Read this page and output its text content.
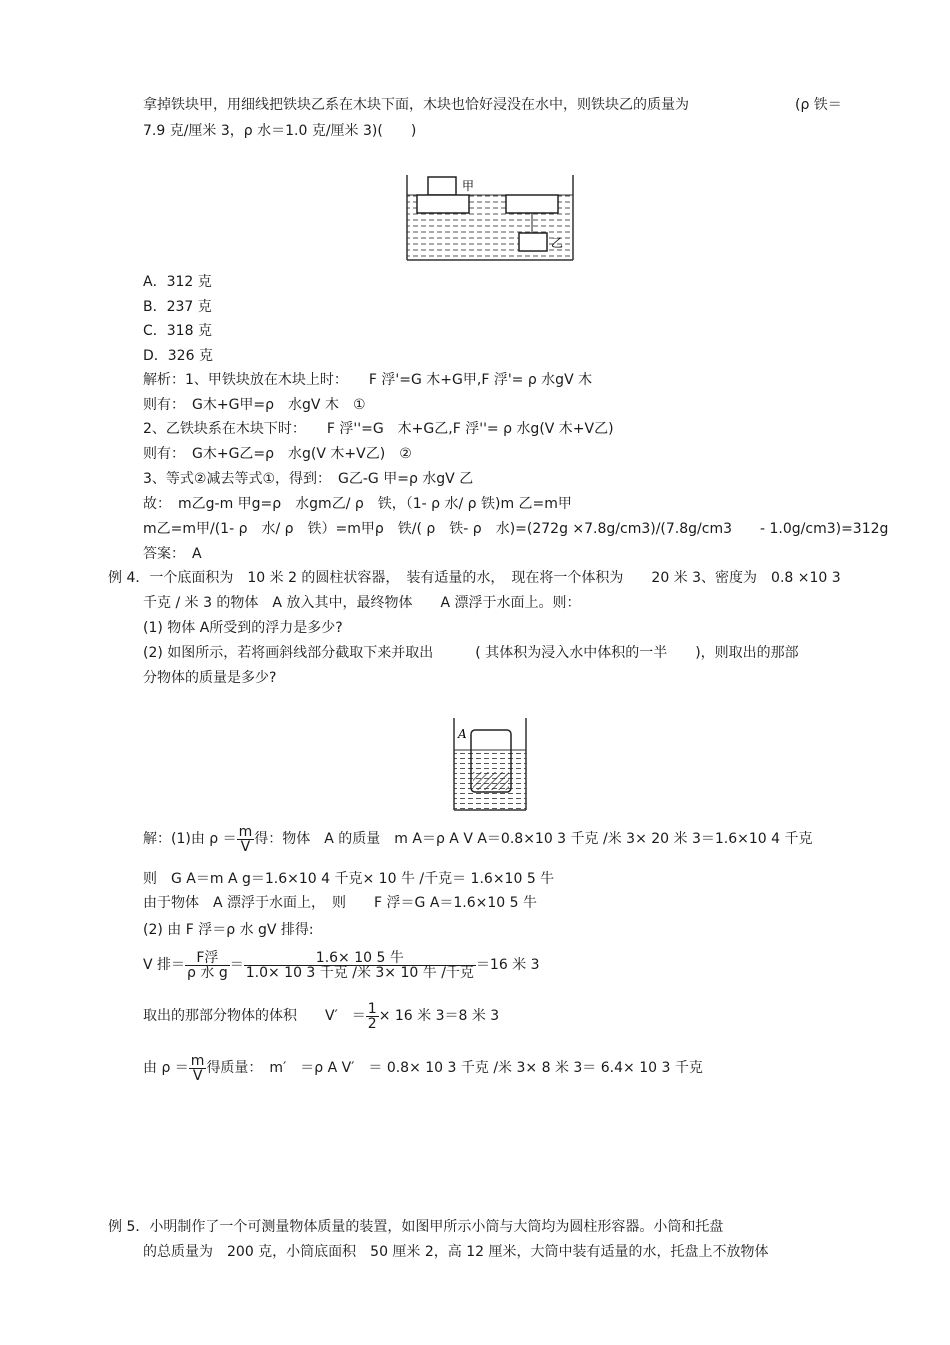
拿掉铁块甲，用细线把铁块乙系在木块下面，木块也恰好浸没在水中，则铁块乙的质量为	(ρ 铁＝
7.9 克/厘米 3，ρ 水＝1.0 克/厘米 3)(　　)
甲
乙
A．312 克
B．237 克
C．318 克
D．326 克
解析：1、甲铁块放在木块上时：　　F 浮'=G 木+G甲,F 浮'= ρ 水gV 木
则有：　G木+G甲=ρ　水gV 木　①
2、乙铁块系在木块下时：　　F 浮''=G　木+G乙,F 浮''= ρ 水g(V 木+V乙)
则有：　G木+G乙=ρ　水g(V 木+V乙)　②
3、等式②减去等式①，得到：　G乙-G 甲=ρ 水gV 乙
故：　m乙g-m 甲g=ρ　水gm乙/ ρ　铁，（1- ρ 水/ ρ 铁)m 乙=m甲
m乙=m甲/(1- ρ　水/ ρ　铁）=m甲ρ　铁/( ρ　铁- ρ　水)=(272g ×7.8g/cm3)/(7.8g/cm3　　- 1.0g/cm3)=312g
答案：　A
例 4．一个底面积为　10 米 2 的圆柱状容器，　装有适量的水，　现在将一个体积为　　20 米 3、密度为　0.8 ×10 3
千克 / 米 3 的物体　A 放入其中，最终物体　　A 漂浮于水面上。则：
(1) 物体 A所受到的浮力是多少?
(2) 如图所示，若将画斜线部分截取下来并取出　　　( 其体积为浸入水中体积的一半　　)，则取出的那部
分物体的质量是多少?
A
解：(1)由 $\rho = \frac{m}{V}$ 得：物体　A 的质量　m A＝ρ A V A＝0.8×10 3 千克 /米 3× 20 米 3＝1.6×10 4 千克
则　G A＝m A g＝1.6×10 4 千克× 10 牛 /千克＝ 1.6×10 5 牛
由于物体　A 漂浮于水面上，　则　　F 浮＝G A＝1.6×10 5 牛
(2) 由 F 浮＝ρ 水 gV 排得:
V 排＝ $\frac{\text{F浮}}{\text{ρ 水 g}} = \frac{\text{1.6× 10 5 牛}}{\text{1.0× 10 3 千克 /米 3× 10 牛 /千克}} =16$ 米 3
取出的那部分物体的体积　　V′　＝ $\frac{1}{2} \times 16$ 米 3＝8 米 3
由 $\rho = \frac{m}{V}$ 得质量：　m′　＝ρ A V′　＝ 0.8× 10 3 千克 /米 3× 8 米 3＝ 6.4× 10 3 千克
例 5．小明制作了一个可测量物体质量的装置，如图甲所示小筒与大筒均为圆柱形容器。小筒和托盘
的总质量为　200 克，小筒底面积　50 厘米 2，高 12 厘米，大筒中装有适量的水，托盘上不放物体
